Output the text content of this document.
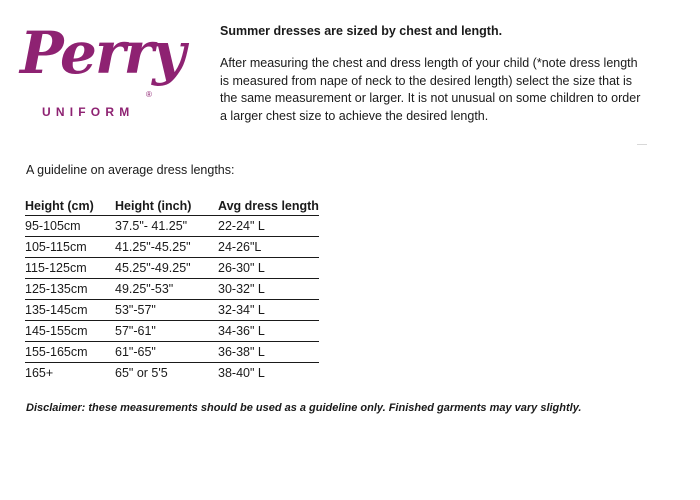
Perry
®
UNIFORM
Summer dresses are sized by chest and length.
After measuring the chest and dress length of your child (*note dress length is measured from nape of neck to the desired length) select the size that is the same measurement or larger. It is not unusual on some children to order a larger chest size to achieve the desired length.
A guideline on average dress lengths:
Height (cm)	Height (inch)	Avg dress length
95-105cm	37.5"- 41.25"	22-24" L
105-115cm	41.25"-45.25"	24-26"L
115-125cm	45.25"-49.25"	26-30" L
125-135cm	49.25"-53"	30-32" L
135-145cm	53"-57"	32-34" L
145-155cm	57"-61"	34-36" L
155-165cm	61"-65"	36-38" L
165+	65" or 5'5	38-40" L
Disclaimer: these measurements should be used as a guideline only. Finished garments may vary slightly.
